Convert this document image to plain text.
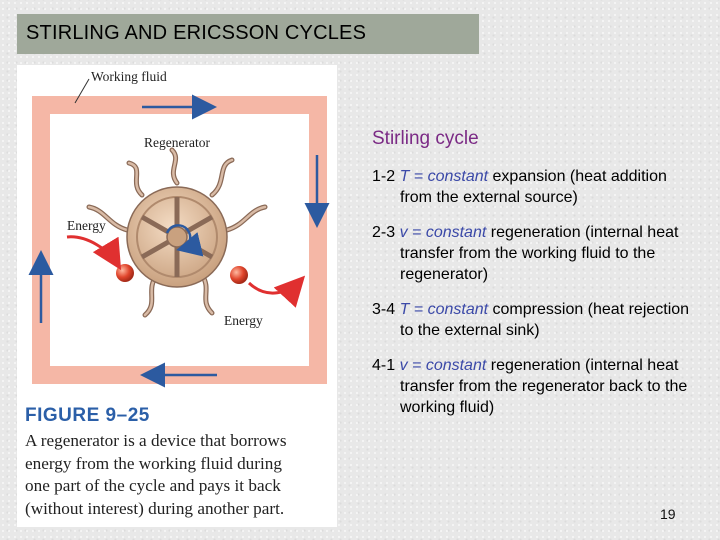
STIRLING AND ERICSSON CYCLES
Working fluid
Regenerator
Energy
Energy
FIGURE 9–25
A regenerator is a device that borrows
energy from the working fluid during
one part of the cycle and pays it back
(without interest) during another part.
Stirling cycle
1-2 T = constant expansion (heat addition from the external source)
2-3 v = constant regeneration (internal heat transfer from the working fluid to the regenerator)
3-4 T = constant compression (heat rejection to the external sink)
4-1 v = constant regeneration (internal heat transfer from the regenerator back to the working fluid)
19
